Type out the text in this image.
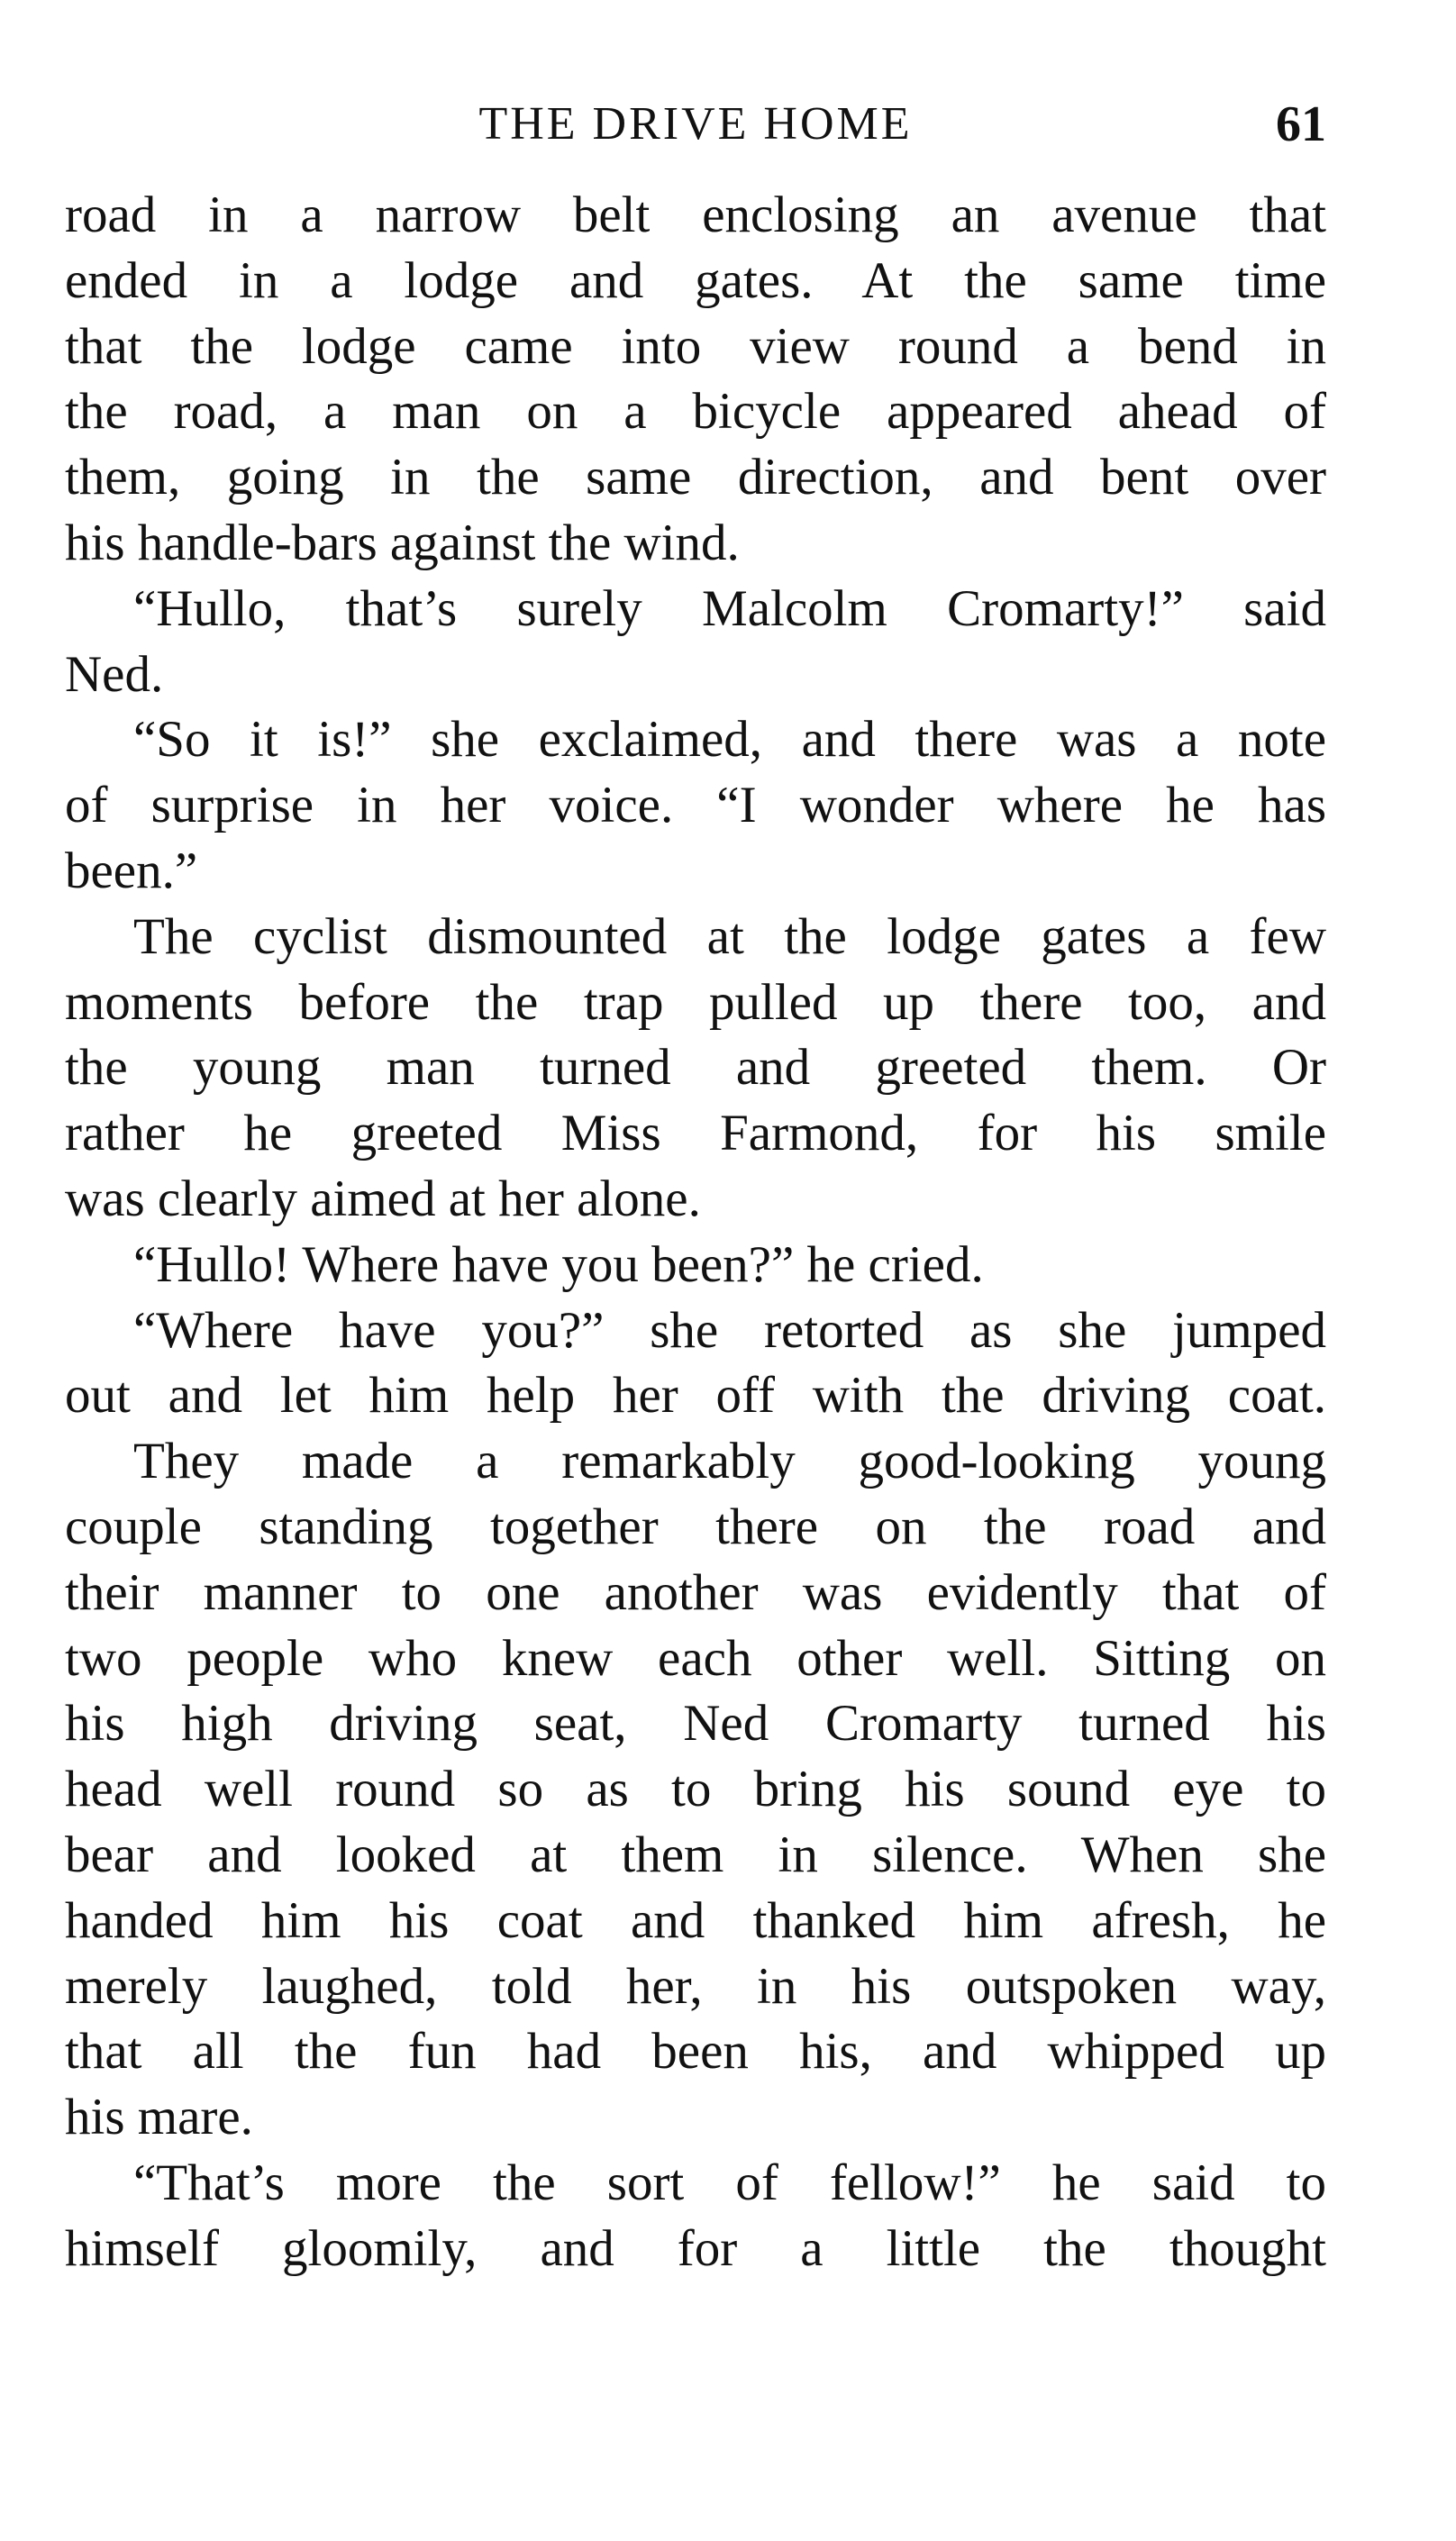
THE DRIVE HOME	61
road in a narrow belt enclosing an avenue that
ended in a lodge and gates. At the same time
that the lodge came into view round a bend in
the road, a man on a bicycle appeared ahead of
them, going in the same direction, and bent over
his handle-bars against the wind.
“Hullo, that’s surely Malcolm Cromarty!” said
Ned.
“So it is!” she exclaimed, and there was a note
of surprise in her voice. “I wonder where he has
been.”
The cyclist dismounted at the lodge gates a few
moments before the trap pulled up there too, and
the young man turned and greeted them. Or
rather he greeted Miss Farmond, for his smile
was clearly aimed at her alone.
“Hullo! Where have you been?” he cried.
“Where have you?” she retorted as she jumped
out and let him help her off with the driving coat.
They made a remarkably good-looking young
couple standing together there on the road and
their manner to one another was evidently that of
two people who knew each other well. Sitting on
his high driving seat, Ned Cromarty turned his
head well round so as to bring his sound eye to
bear and looked at them in silence. When she
handed him his coat and thanked him afresh, he
merely laughed, told her, in his outspoken way,
that all the fun had been his, and whipped up
his mare.
“That’s more the sort of fellow!” he said to
himself gloomily, and for a little the thought
